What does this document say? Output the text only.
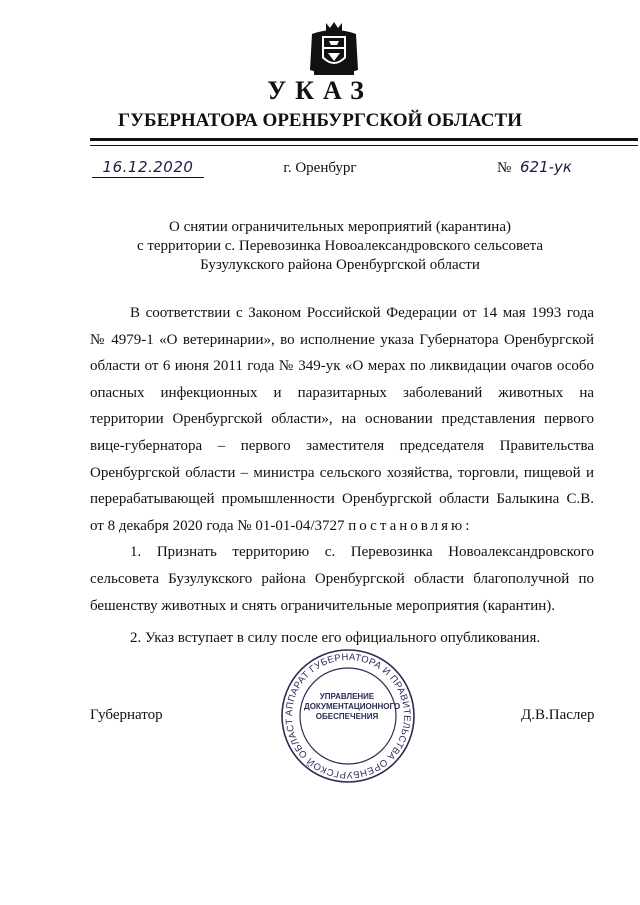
УКАЗ
ГУБЕРНАТОРА ОРЕНБУРГСКОЙ ОБЛАСТИ
16.12.2020	г. Оренбург	№ 621-ук
О снятии ограничительных мероприятий (карантина)
с территории с. Перевозинка Новоалександровского сельсовета
Бузулукского района Оренбургской области
В соответствии с Законом Российской Федерации от 14 мая 1993 года
№ 4979-1 «О ветеринарии», во исполнение указа Губернатора Оренбургской
области от 6 июня 2011 года № 349-ук «О мерах по ликвидации очагов особо
опасных инфекционных и паразитарных заболеваний животных на
территории Оренбургской области», на основании представления первого
вице-губернатора – первого заместителя председателя Правительства
Оренбургской области – министра сельского хозяйства, торговли, пищевой и
перерабатывающей промышленности Оренбургской области Балыкина С.В.
от 8 декабря 2020 года № 01-01-04/3727 постановляю:
1. Признать территорию с. Перевозинка Новоалександровского
сельсовета Бузулукского района Оренбургской области благополучной по
бешенству животных и снять ограничительные мероприятия (карантин).
2. Указ вступает в силу после его официального опубликования.
Губернатор	Д.В.Паслер
АППАРАТ ГУБЕРНАТОРА И ПРАВИТЕЛЬСТВА ОРЕНБУРГСКОЙ ОБЛАСТ
УПРАВЛЕНИЕ
ДОКУМЕНТАЦИОННОГО
ОБЕСПЕЧЕНИЯ
